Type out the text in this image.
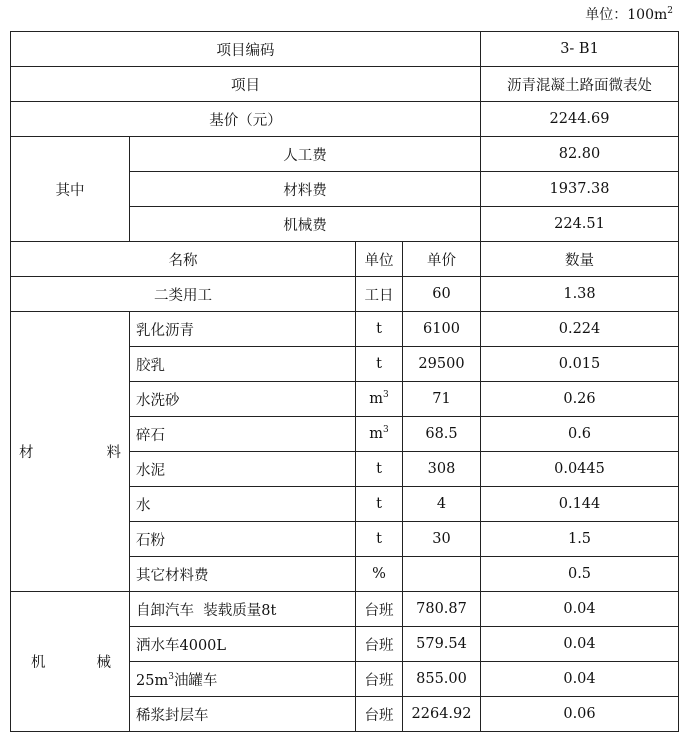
单位：$100m^2$
项目编码				3- B1
项目				沥青混凝土路面微表处
基价（元）				2244.69
其中	人工费			82.80
	材料费			1937.38
	机械费			224.51
名称		单位	单价	数量
二类用工		工日	60	1.38

材 料	乳化沥青	t	6100	0.224
	胶乳	t	29500	0.015
	水洗砂	$m^3$	71	0.26
	碎石	$m^3$	68.5	0.6
	水泥	t	308	0.0445
	水	t	4	0.144
	石粉	t	30	1.5
	其它材料费	%		0.5

机 械	自卸汽车  装载质量8t	台班	780.87	0.04
	洒水车4000L	台班	579.54	0.04
	$25m^3$油罐车	台班	855.00	0.04
	稀浆封层车	台班	2264.92	0.06
